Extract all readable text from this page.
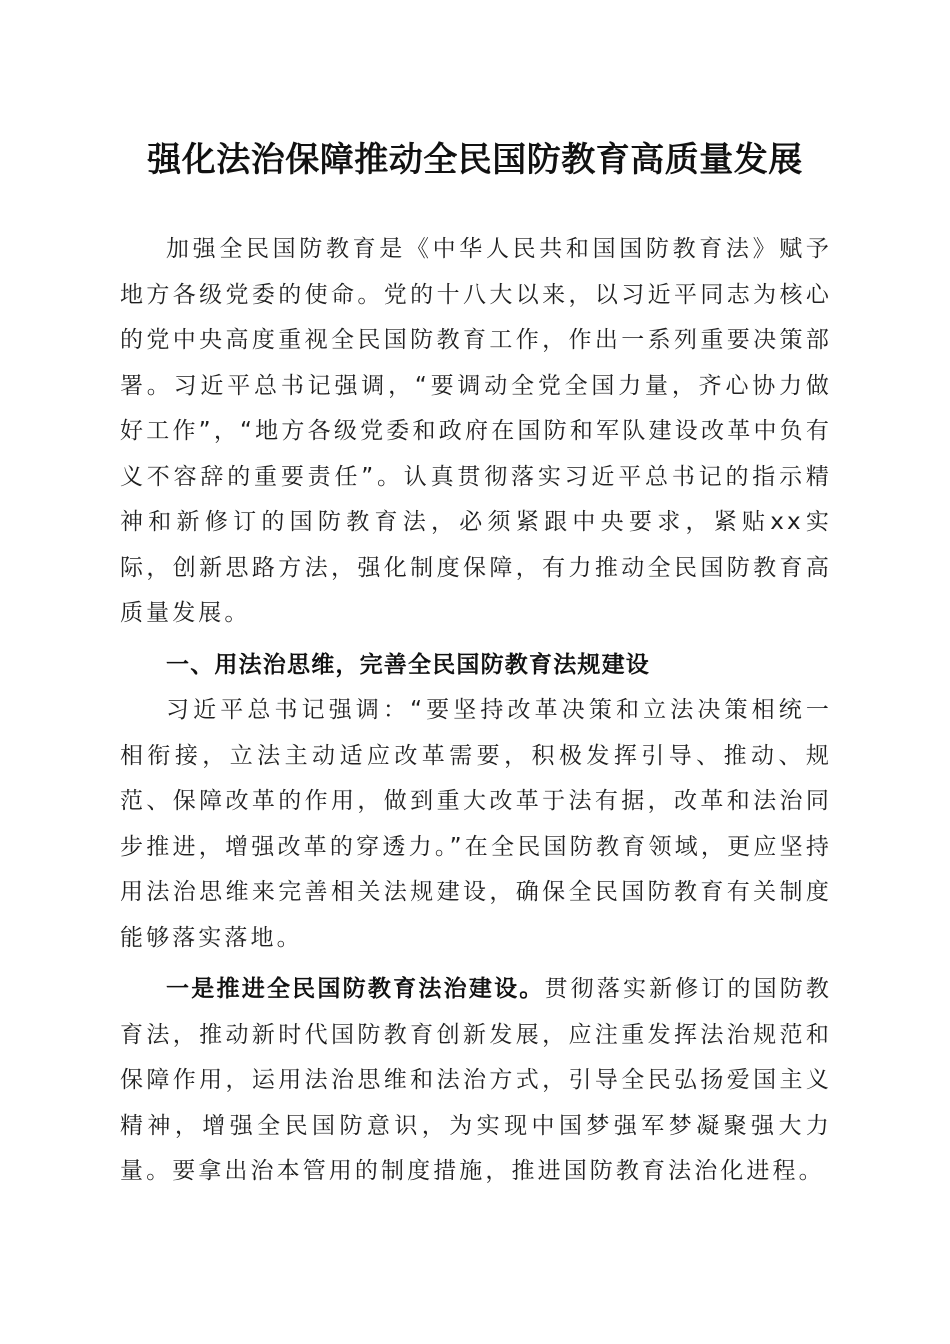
强化法治保障推动全民国防教育高质量发展

加强全民国防教育是《中华人民共和国国防教育法》赋予地方各级党委的使命。党的十八大以来，以习近平同志为核心的党中央高度重视全民国防教育工作，作出一系列重要决策部署。习近平总书记强调，“要调动全党全国力量，齐心协力做好工作”，“地方各级党委和政府在国防和军队建设改革中负有义不容辞的重要责任”。认真贯彻落实习近平总书记的指示精神和新修订的国防教育法，必须紧跟中央要求，紧贴xx实际，创新思路方法，强化制度保障，有力推动全民国防教育高质量发展。

一、用法治思维，完善全民国防教育法规建设

习近平总书记强调：“要坚持改革决策和立法决策相统一相衔接，立法主动适应改革需要，积极发挥引导、推动、规范、保障改革的作用，做到重大改革于法有据，改革和法治同步推进，增强改革的穿透力。”在全民国防教育领域，更应坚持用法治思维来完善相关法规建设，确保全民国防教育有关制度能够落实落地。

一是推进全民国防教育法治建设。贯彻落实新修订的国防教育法，推动新时代国防教育创新发展，应注重发挥法治规范和保障作用，运用法治思维和法治方式，引导全民弘扬爱国主义精神，增强全民国防意识，为实现中国梦强军梦凝聚强大力量。要拿出治本管用的制度措施，推进国防教育法治化进程。
